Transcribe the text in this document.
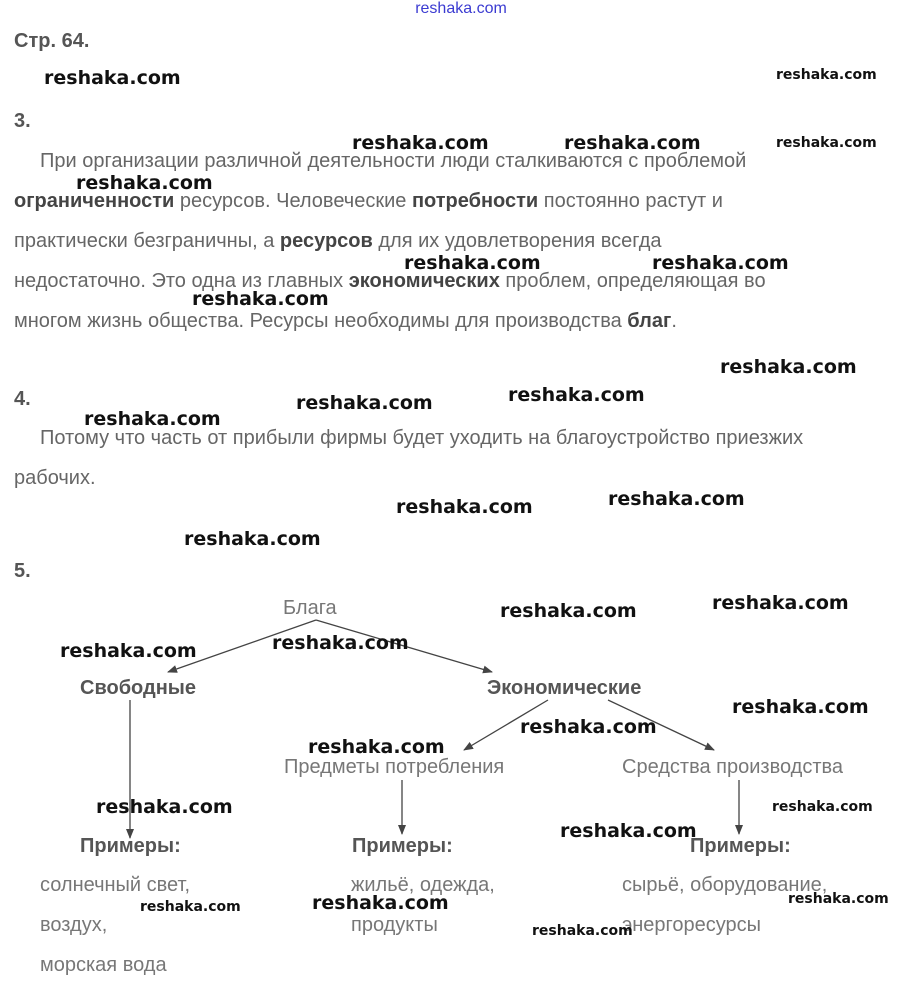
reshaka.com
Стр. 64.
3.
При организации различной деятельности люди сталкиваются с проблемой
ограниченности ресурсов. Человеческие потребности постоянно растут и
практически безграничны, а ресурсов для их удовлетворения всегда
недостаточно. Это одна из главных экономических проблем, определяющая во
многом жизнь общества. Ресурсы необходимы для производства благ.
4.
Потому что часть от прибыли фирмы будет уходить на благоустройство приезжих
рабочих.
5.
Блага
Свободные	Экономические
Предметы потребления	Средства производства
Примеры:	Примеры:	Примеры:
солнечный свет,
воздух,
морская вода
жильё, одежда,
продукты
сырьё, оборудование,
энергоресурсы
reshaka.com	reshaka.com
reshaka.com	reshaka.com	reshaka.com
reshaka.com
reshaka.com	reshaka.com
reshaka.com
reshaka.com
reshaka.com
reshaka.com
reshaka.com
reshaka.com
reshaka.com
reshaka.com
reshaka.com
reshaka.com
reshaka.com
reshaka.com
reshaka.com
reshaka.com
reshaka.com
reshaka.com	reshaka.com
reshaka.com
reshaka.com
reshaka.com
reshaka.com
reshaka.com
